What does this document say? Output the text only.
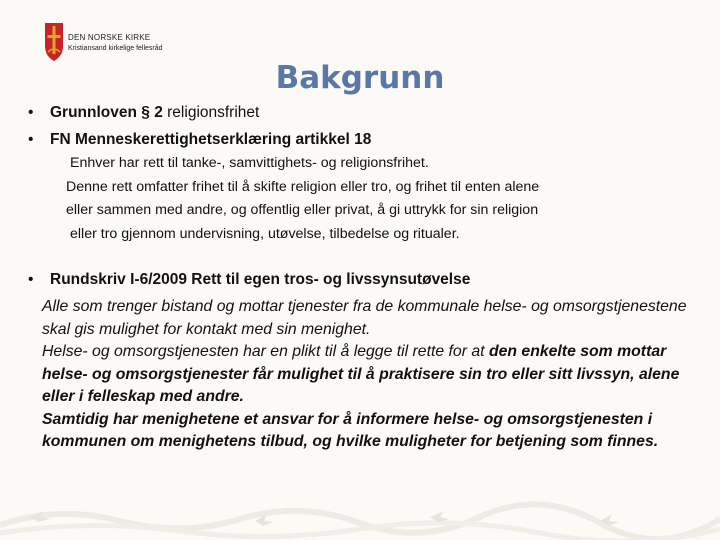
DEN NORSKE KIRKE
Kristiansand kirkelige fellesråd
Bakgrunn
• Grunnloven § 2 religionsfrihet
• FN Menneskerettighetserklæring artikkel 18
Enhver har rett til tanke-, samvittighets- og religionsfrihet.
Denne rett omfatter frihet til å skifte religion eller tro, og frihet til enten alene
eller sammen med andre, og offentlig eller privat, å gi uttrykk for sin religion
eller tro gjennom undervisning, utøvelse, tilbedelse og ritualer.
• Rundskriv I-6/2009 Rett til egen tros- og livssynsutøvelse
Alle som trenger bistand og mottar tjenester fra de kommunale helse- og omsorgstjenestene skal gis mulighet for kontakt med sin menighet.
Helse- og omsorgstjenesten har en plikt til å legge til rette for at den enkelte som mottar helse- og omsorgstjenester får mulighet til å praktisere sin tro eller sitt livssyn, alene eller i felleskap med andre.
Samtidig har menighetene et ansvar for å informere helse- og omsorgstjenesten i kommunen om menighetens tilbud, og hvilke muligheter for betjening som finnes.
